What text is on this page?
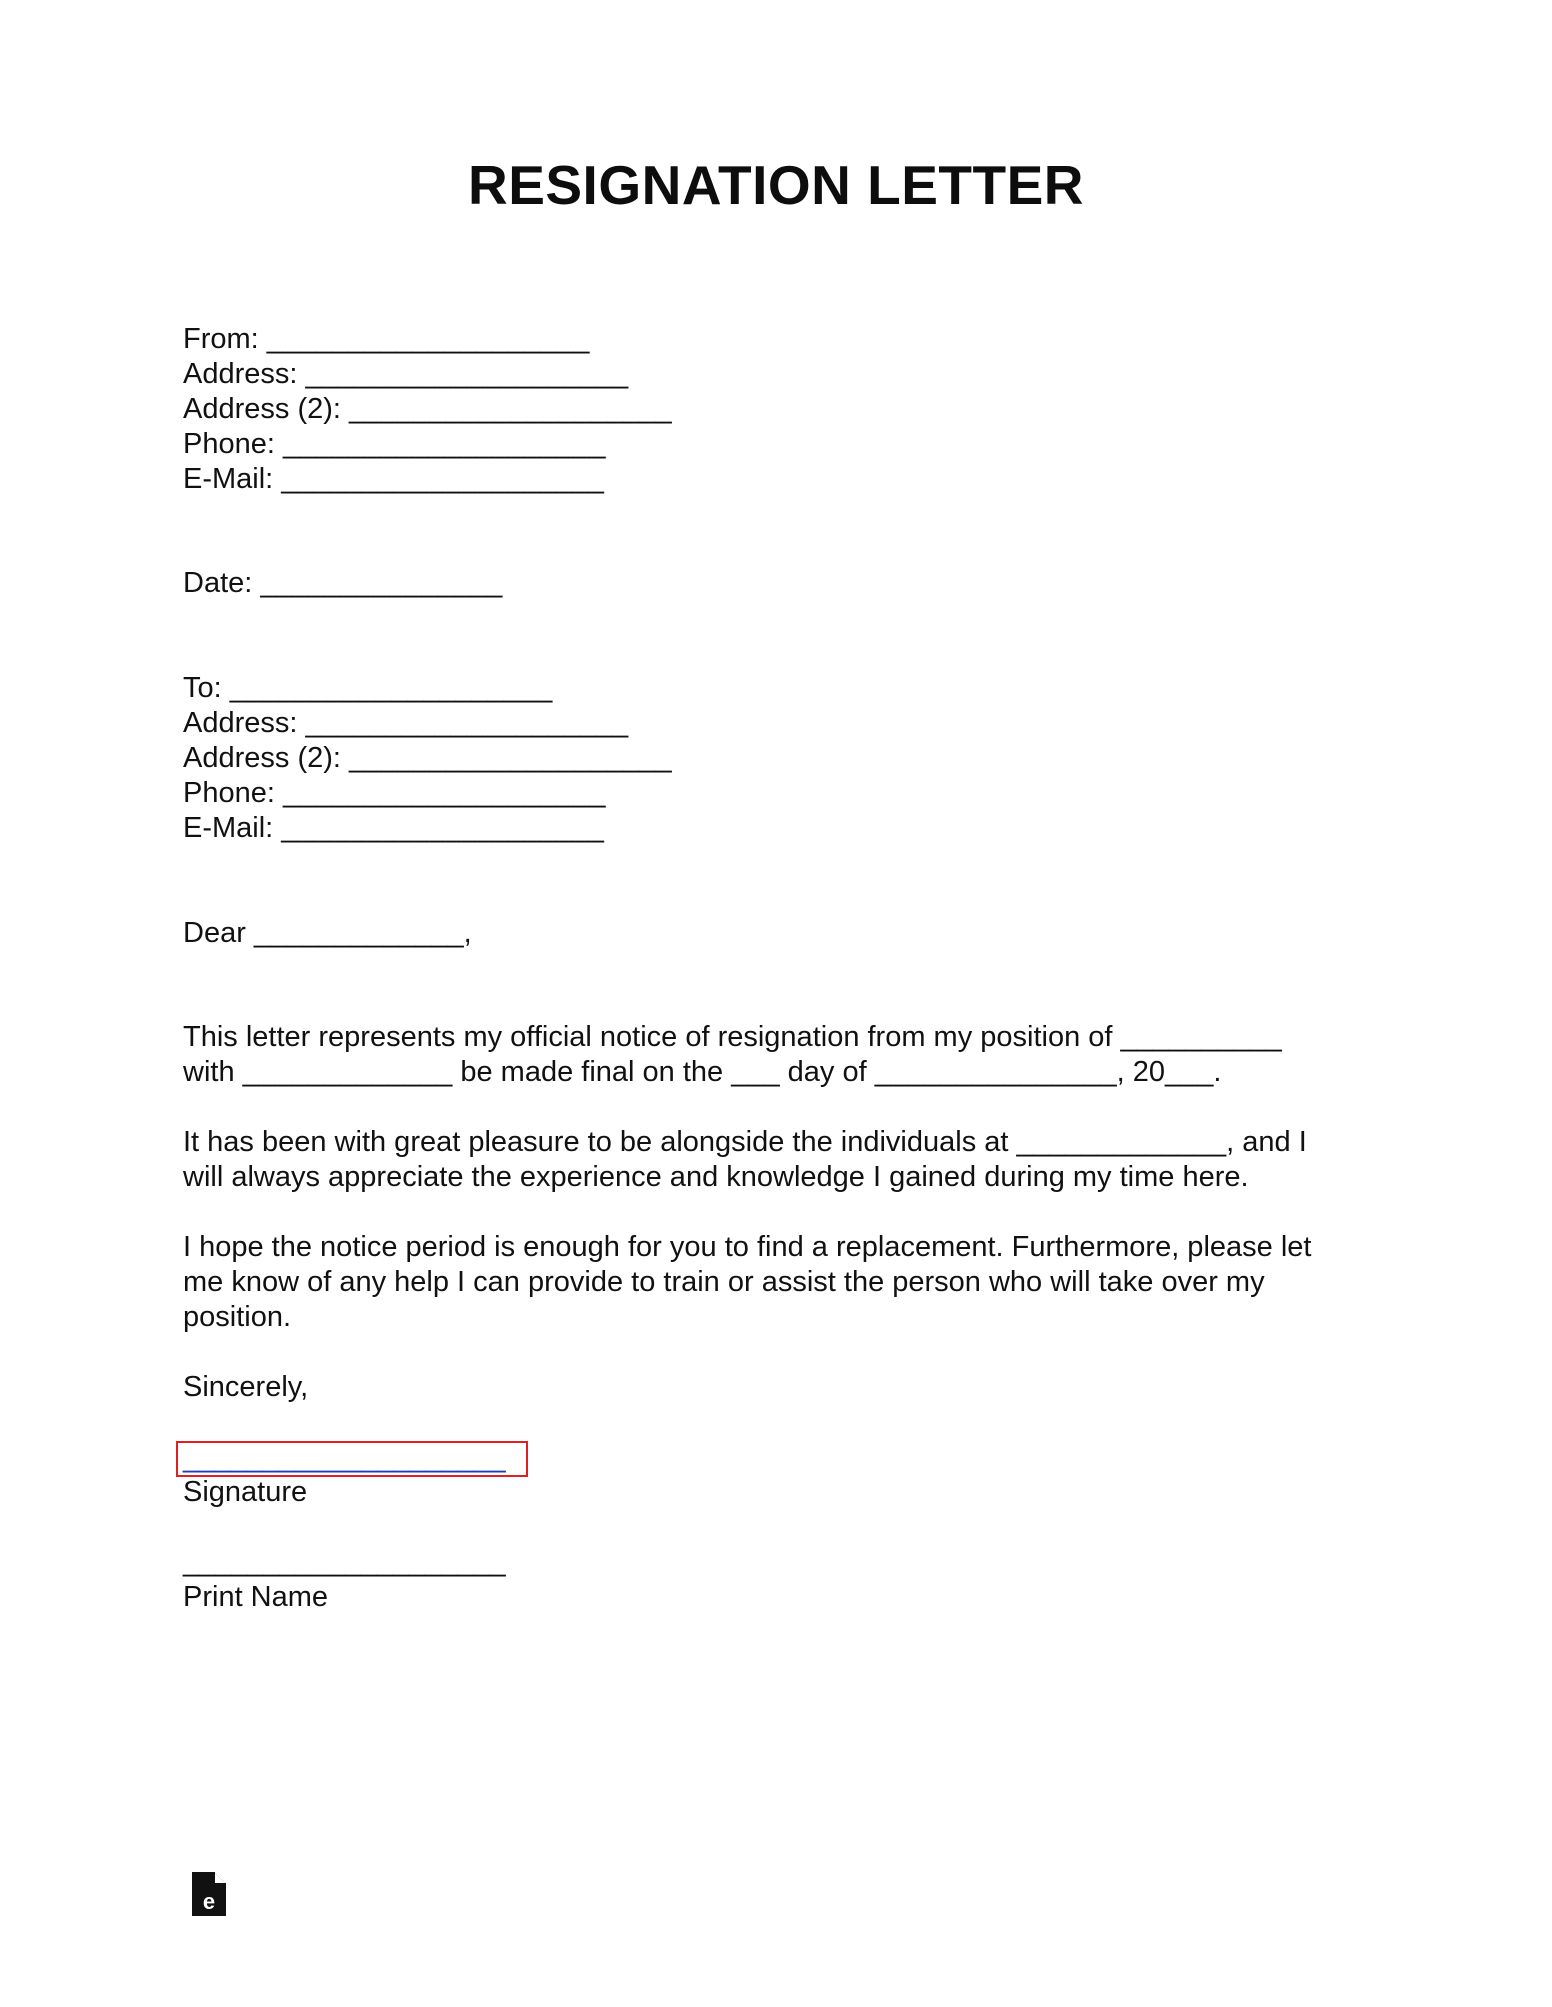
RESIGNATION LETTER
From: ____________________
Address: ____________________
Address (2): ____________________
Phone: ____________________
E-Mail: ____________________
Date: _______________
To: ____________________
Address: ____________________
Address (2): ____________________
Phone: ____________________
E-Mail: ____________________
Dear _____________,
This letter represents my official notice of resignation from my position of __________
with _____________ be made final on the ___ day of _______________, 20___.
It has been with great pleasure to be alongside the individuals at _____________, and I
will always appreciate the experience and knowledge I gained during my time here.
I hope the notice period is enough for you to find a replacement. Furthermore, please let
me know of any help I can provide to train or assist the person who will take over my
position.
Sincerely,
____________________
Signature
____________________
Print Name
e
